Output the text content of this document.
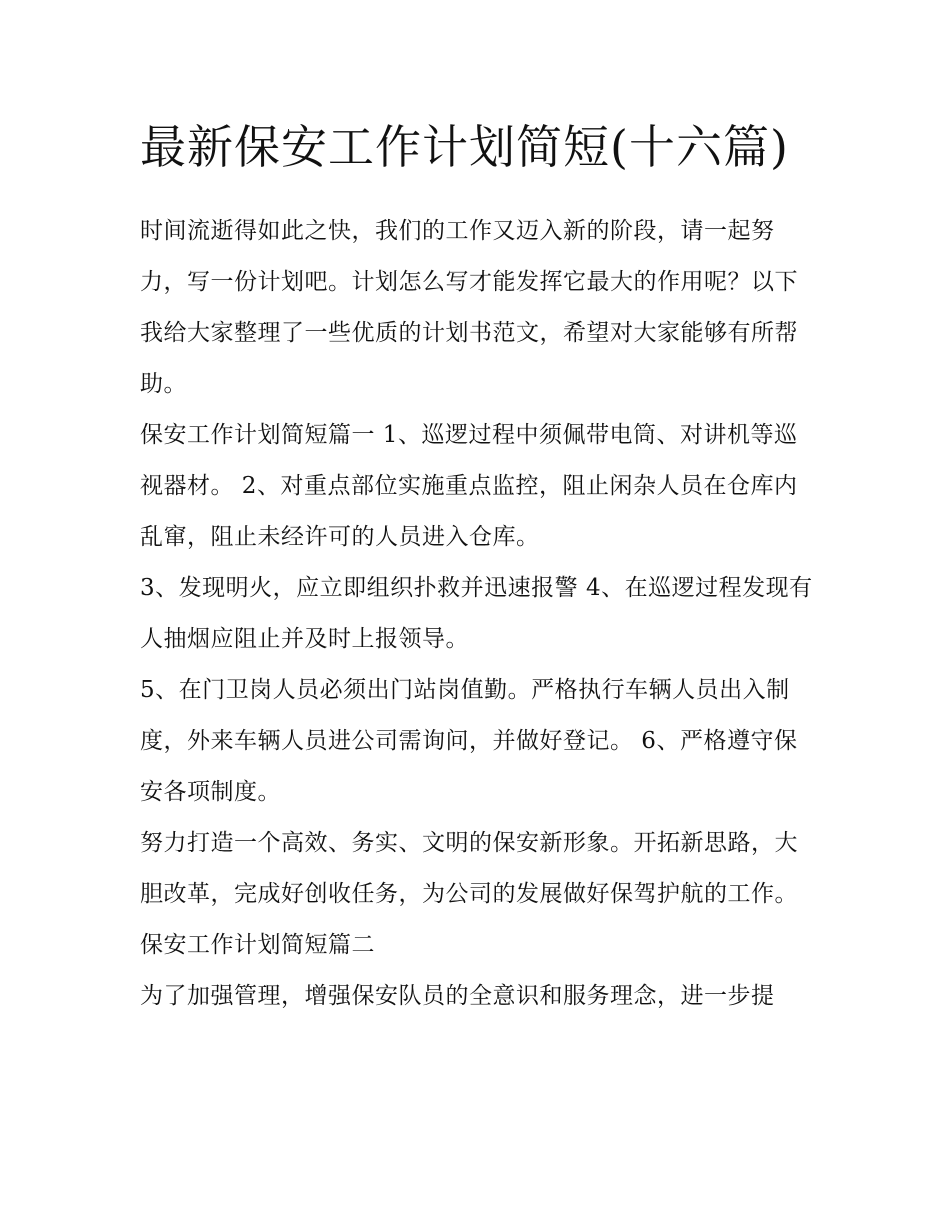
最新保安工作计划简短(十六篇)

时间流逝得如此之快，我们的工作又迈入新的阶段，请一起努力，写一份计划吧。计划怎么写才能发挥它最大的作用呢？以下我给大家整理了一些优质的计划书范文，希望对大家能够有所帮助。

保安工作计划简短篇一 1、巡逻过程中须佩带电筒、对讲机等巡视器材。 2、对重点部位实施重点监控，阻止闲杂人员在仓库内乱窜，阻止未经许可的人员进入仓库。

3、发现明火，应立即组织扑救并迅速报警 4、在巡逻过程发现有人抽烟应阻止并及时上报领导。

5、在门卫岗人员必须出门站岗值勤。严格执行车辆人员出入制度，外来车辆人员进公司需询问，并做好登记。 6、严格遵守保安各项制度。

努力打造一个高效、务实、文明的保安新形象。开拓新思路，大胆改革，完成好创收任务，为公司的发展做好保驾护航的工作。 保安工作计划简短篇二

为了加强管理，增强保安队员的全意识和服务理念，进一步提
